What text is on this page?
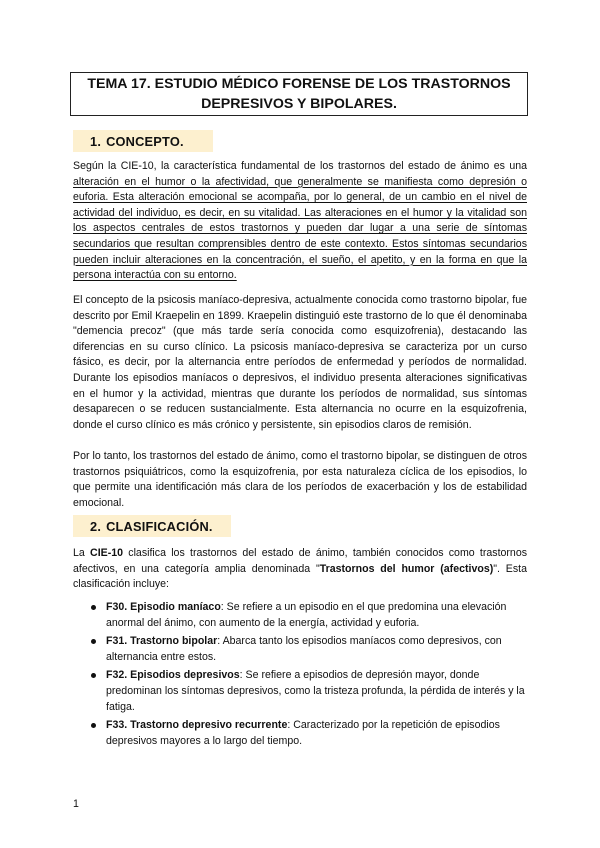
TEMA 17. ESTUDIO MÉDICO FORENSE DE LOS TRASTORNOS
DEPRESIVOS Y BIPOLARES.
1. CONCEPTO.

Según la CIE-10, la característica fundamental de los trastornos del estado de ánimo es una alteración en el humor o la afectividad, que generalmente se manifiesta como depresión o euforia. Esta alteración emocional se acompaña, por lo general, de un cambio en el nivel de actividad del individuo, es decir, en su vitalidad. Las alteraciones en el humor y la vitalidad son los aspectos centrales de estos trastornos y pueden dar lugar a una serie de síntomas secundarios que resultan comprensibles dentro de este contexto. Estos síntomas secundarios pueden incluir alteraciones en la concentración, el sueño, el apetito, y en la forma en que la persona interactúa con su entorno.

El concepto de la psicosis maníaco-depresiva, actualmente conocida como trastorno bipolar, fue descrito por Emil Kraepelin en 1899. Kraepelin distinguió este trastorno de lo que él denominaba "demencia precoz" (que más tarde sería conocida como esquizofrenia), destacando las diferencias en su curso clínico. La psicosis maníaco-depresiva se caracteriza por un curso fásico, es decir, por la alternancia entre períodos de enfermedad y períodos de normalidad. Durante los episodios maníacos o depresivos, el individuo presenta alteraciones significativas en el humor y la actividad, mientras que durante los períodos de normalidad, sus síntomas desaparecen o se reducen sustancialmente. Esta alternancia no ocurre en la esquizofrenia, donde el curso clínico es más crónico y persistente, sin episodios claros de remisión.

Por lo tanto, los trastornos del estado de ánimo, como el trastorno bipolar, se distinguen de otros trastornos psiquiátricos, como la esquizofrenia, por esta naturaleza cíclica de los episodios, lo que permite una identificación más clara de los períodos de exacerbación y los de estabilidad emocional.

2. CLASIFICACIÓN.

La CIE-10 clasifica los trastornos del estado de ánimo, también conocidos como trastornos afectivos, en una categoría amplia denominada "Trastornos del humor (afectivos)". Esta clasificación incluye:

F30. Episodio maníaco: Se refiere a un episodio en el que predomina una elevación anormal del ánimo, con aumento de la energía, actividad y euforia.
F31. Trastorno bipolar: Abarca tanto los episodios maníacos como depresivos, con alternancia entre estos.
F32. Episodios depresivos: Se refiere a episodios de depresión mayor, donde predominan los síntomas depresivos, como la tristeza profunda, la pérdida de interés y la fatiga.
F33. Trastorno depresivo recurrente: Caracterizado por la repetición de episodios depresivos mayores a lo largo del tiempo.
1
